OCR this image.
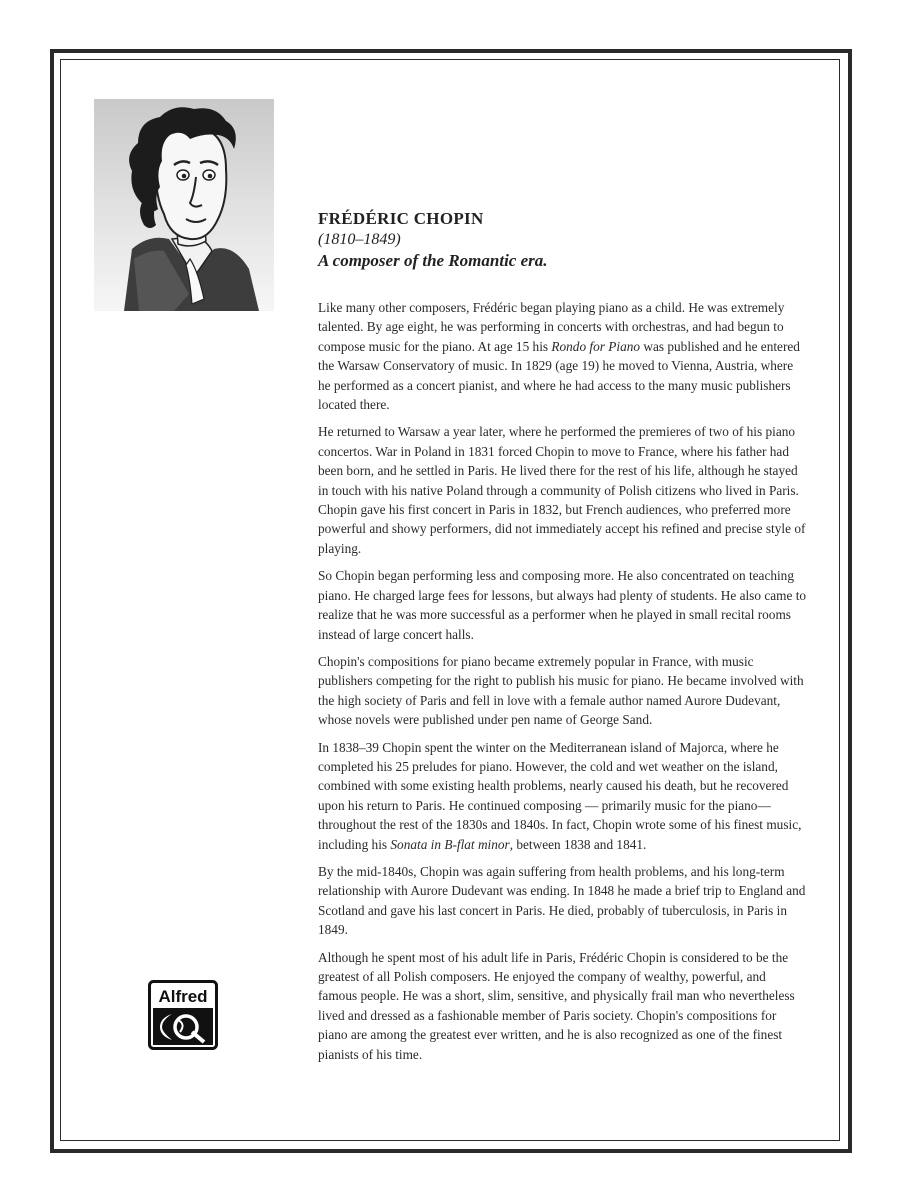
FRÉDÉRIC CHOPIN

(1810–1849)

A composer of the Romantic era.

Like many other composers, Frédéric began playing piano as a child. He was extremely talented. By age eight, he was performing in concerts with orchestras, and had begun to compose music for the piano. At age 15 his Rondo for Piano was published and he entered the Warsaw Conservatory of music. In 1829 (age 19) he moved to Vienna, Austria, where he performed as a concert pianist, and where he had access to the many music publishers located there.

He returned to Warsaw a year later, where he performed the premieres of two of his piano concertos. War in Poland in 1831 forced Chopin to move to France, where his father had been born, and he settled in Paris. He lived there for the rest of his life, although he stayed in touch with his native Poland through a community of Polish citizens who lived in Paris. Chopin gave his first concert in Paris in 1832, but French audiences, who preferred more powerful and showy performers, did not immediately accept his refined and precise style of playing.

So Chopin began performing less and composing more. He also concentrated on teaching piano. He charged large fees for lessons, but always had plenty of students. He also came to realize that he was more successful as a performer when he played in small recital rooms instead of large concert halls.

Chopin's compositions for piano became extremely popular in France, with music publishers competing for the right to publish his music for piano. He became involved with the high society of Paris and fell in love with a female author named Aurore Dudevant, whose novels were published under pen name of George Sand.

In 1838–39 Chopin spent the winter on the Mediterranean island of Majorca, where he completed his 25 preludes for piano. However, the cold and wet weather on the island, combined with some existing health problems, nearly caused his death, but he recovered upon his return to Paris. He continued composing — primarily music for the piano—throughout the rest of the 1830s and 1840s. In fact, Chopin wrote some of his finest music, including his Sonata in B-flat minor, between 1838 and 1841.

By the mid-1840s, Chopin was again suffering from health problems, and his long-term relationship with Aurore Dudevant was ending. In 1848 he made a brief trip to England and Scotland and gave his last concert in Paris. He died, probably of tuberculosis, in Paris in 1849.

Although he spent most of his adult life in Paris, Frédéric Chopin is considered to be the greatest of all Polish composers. He enjoyed the company of wealthy, powerful, and famous people. He was a short, slim, sensitive, and physically frail man who nevertheless lived and dressed as a fashionable member of Paris society. Chopin's compositions for piano are among the greatest ever written, and he is also recognized as one of the finest pianists of his time.

Alfred
